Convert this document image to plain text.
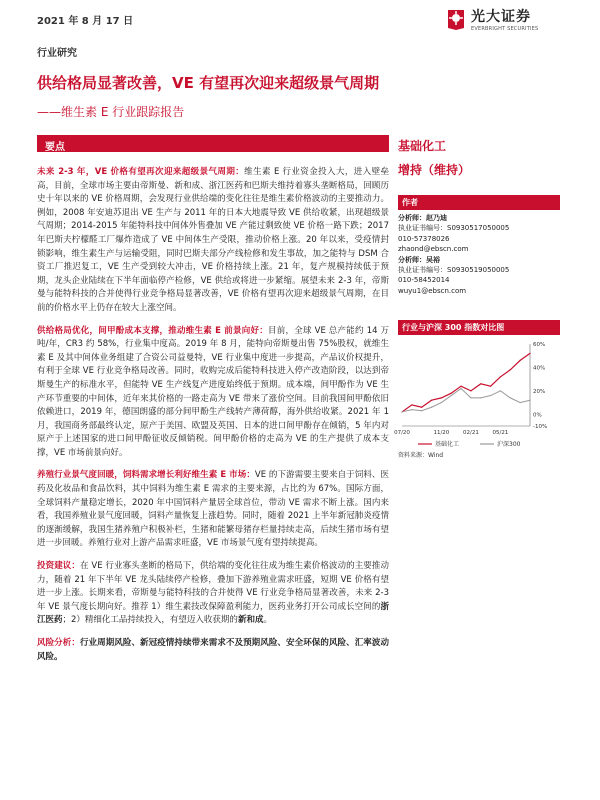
2021 年 8 月 17 日	光大证券
EVERBRIGHT SECURITIES
行业研究
供给格局显著改善，VE 有望再次迎来超级景气周期
——维生素 E 行业跟踪报告
要点

未来 2-3 年，VE 价格有望再次迎来超级景气周期：维生素 E 行业资金投入大，进入壁垒高，目前，全球市场主要由帝斯曼、新和成、浙江医药和巴斯夫维持着寡头垄断格局，回顾历史十年以来的 VE 价格周期，会发现行业供给端的变化往往是维生素价格波动的主要推动力。例如，2008 年安迪苏退出 VE 生产与 2011 年的日本大地震导致 VE 供给收紧，出现超级景气周期；2014-2015 年能特科技中间体外售叠加 VE 产能过剩致使 VE 价格一路下跌；2017 年巴斯夫柠檬醛工厂爆炸造成了 VE 中间体生产受限，推动价格上涨。20 年以来，受疫情封锁影响，维生素生产与运输受阻，同时巴斯夫部分产线检修和发生事故，加之能特与 DSM 合资工厂推迟复工，VE 生产受到较大冲击，VE 价格持续上涨。21 年，复产规模持续低于预期，龙头企业陆续在下半年面临停产检修，VE 供给或将进一步紧缩。展望未来 2-3 年，帝斯曼与能特科技的合并使得行业竞争格局显著改善，VE 价格有望再次迎来超级景气周期，在目前的价格水平上仍存在较大上涨空间。

供给格局优化，间甲酚成本支撑，推动维生素 E 前景向好：目前，全球 VE 总产能约 14 万吨/年，CR3 约 58%，行业集中度高。2019 年 8 月，能特向帝斯曼出售 75%股权，就维生素 E 及其中间体业务组建了合资公司益曼特，VE 行业集中度进一步提高，产品议价权提升，有利于全球 VE 行业竞争格局改善。同时，收购完成后能特科技进入停产改造阶段，以达到帝斯曼生产的标准水平，但能特 VE 生产线复产进度始终低于预期。成本端，间甲酚作为 VE 生产环节重要的中间体，近年来其价格的一路走高为 VE 带来了涨价空间。目前我国间甲酚依旧依赖进口，2019 年，德国朗盛的部分间甲酚生产线转产薄荷醇，海外供给收紧。2021 年 1 月，我国商务部最终认定，原产于美国、欧盟及英国、日本的进口间甲酚存在倾销，5 年内对原产于上述国家的进口间甲酚征收反倾销税。间甲酚价格的走高为 VE 的生产提供了成本支撑，VE 市场前景向好。

养殖行业景气度回暖，饲料需求增长利好维生素 E 市场：VE 的下游需要主要来自于饲料、医药及化妆品和食品饮料，其中饲料为维生素 E 需求的主要来源，占比约为 67%。国际方面，全球饲料产量稳定增长，2020 年中国饲料产量居全球首位，带动 VE 需求不断上涨。国内来看，我国养殖业景气度回暖，饲料产量恢复上涨趋势。同时，随着 2021 上半年新冠肺炎疫情的逐渐缓解，我国生猪养殖户积极补栏，生猪和能繁母猪存栏量持续走高，后续生猪市场有望进一步回暖。养殖行业对上游产品需求旺盛，VE 市场景气度有望持续提高。

投资建议：在 VE 行业寡头垄断的格局下，供给端的变化往往成为维生素价格波动的主要推动力，随着 21 年下半年 VE 龙头陆续停产检修，叠加下游养殖业需求旺盛，短期 VE 价格有望进一步上涨。长期来看，帝斯曼与能特科技的合并使得 VE 行业竞争格局显著改善，未来 2-3 年 VE 景气度长期向好。推荐 1）维生素技改保障盈利能力，医药业务打开公司成长空间的浙江医药；2）精细化工品持续投入，有望迈入收获期的新和成。

风险分析：行业周期风险、新冠疫情持续带来需求不及预期风险、安全环保的风险、汇率波动风险。

基础化工
增持（维持）
作者
分析师：赵乃迪
执业证书编号：S0930517050005
010-57378026
zhaond@ebscn.com
分析师：吴裕
执业证书编号：S0930519050005
010-58452014
wuyu1@ebscn.com
行业与沪深 300 指数对比图
60%
40%
20%
0%
-10%
07/20	11/20 02/21 05/21
基础化工	沪深300
资料来源：Wind
